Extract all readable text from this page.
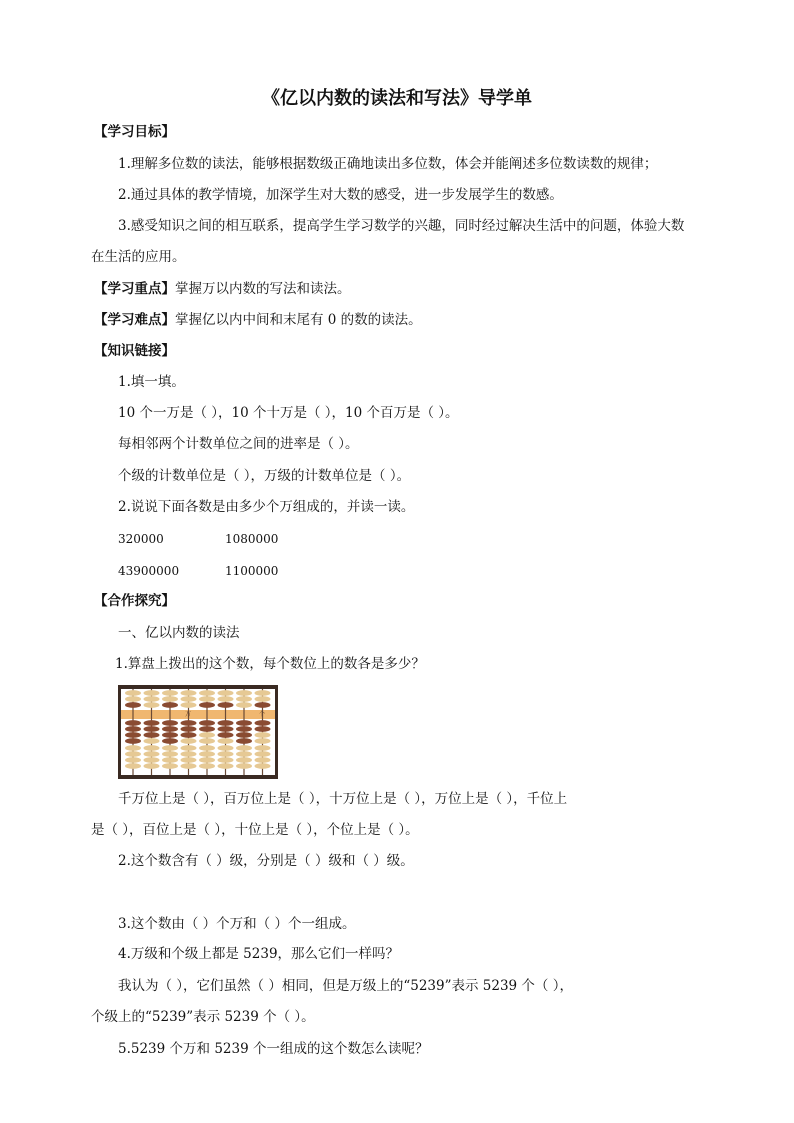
《亿以内数的读法和写法》导学单
【学习目标】
1.理解多位数的读法，能够根据数级正确地读出多位数，体会并能阐述多位数读数的规律；
2.通过具体的教学情境，加深学生对大数的感受，进一步发展学生的数感。
3.感受知识之间的相互联系，提高学生学习数学的兴趣，同时经过解决生活中的问题，体验大数
在生活的应用。
【学习重点】掌握万以内数的写法和读法。
【学习难点】掌握亿以内中间和末尾有 0 的数的读法。
【知识链接】
1.填一填。
10 个一万是（ ），10 个十万是（ ），10 个百万是（ ）。
每相邻两个计数单位之间的进率是（ ）。
个级的计数单位是（ ），万级的计数单位是（ ）。
2.说说下面各数是由多少个万组成的，并读一读。
320000	1080000
43900000	1100000
【合作探究】
一、亿以内数的读法
1.算盘上拨出的这个数，每个数位上的数各是多少？
万	个
千万位上是（ ），百万位上是（ ），十万位上是（ ），万位上是（ ），千位上
是（ ），百位上是（ ），十位上是（ ），个位上是（ ）。
2.这个数含有（ ）级，分别是（ ）级和（ ）级。
3.这个数由（ ）个万和（ ）个一组成。
4.万级和个级上都是 5239，那么它们一样吗？
我认为（ ），它们虽然（ ）相同，但是万级上的“5239”表示 5239 个（ ），
个级上的“5239”表示 5239 个（ ）。
5.5239 个万和 5239 个一组成的这个数怎么读呢？
